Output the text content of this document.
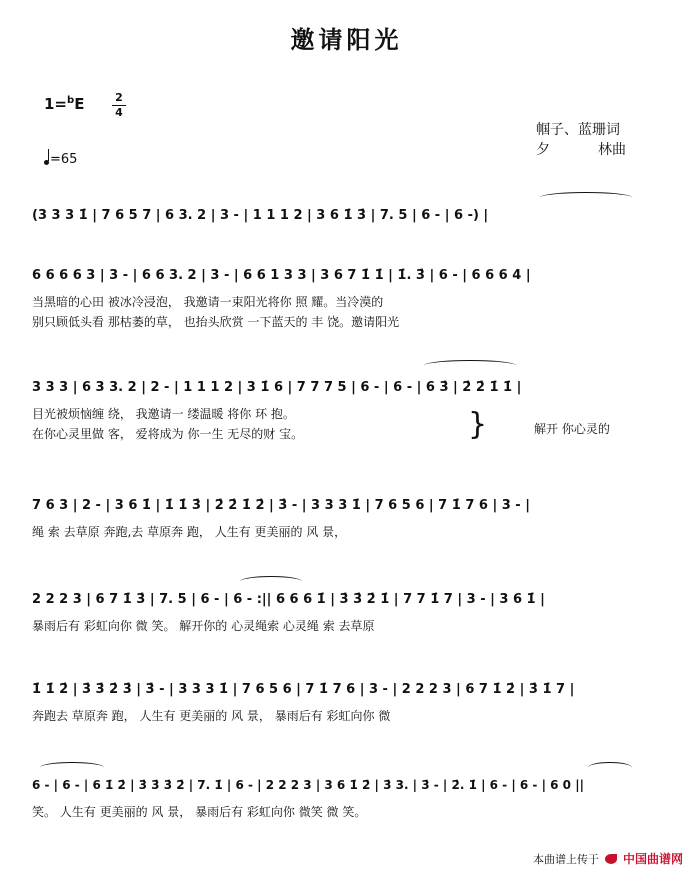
邀请阳光
1=$^b$E	2
4
=65
帼子、蓝珊词
夕	林曲
(3 3 3 1̇ | 7 6 5 7 | 6 3. 2 | 3 - | 1 1 1 2 | 3 6 1̇ 3̇ | 7. 5 | 6 - | 6 -) |
6 6 6 6 3 | 3 - | 6 6 3. 2 | 3 - | 6 6 1 3 3 | 3 6 7 1̇ 1̇ | 1̇. 3̇ | 6 - | 6 6 6 4 |
当黑暗的心田 被冰冷浸泡， 我邀请一束阳光将你 照 耀。当冷漠的
别只顾低头看 那枯萎的草， 也抬头欣赏 一下蓝天的 丰 饶。邀请阳光
3 3 3 | 6 3 3. 2 | 2 - | 1 1 1 2 | 3 1̇ 6 | 7 7 7 5 | 6 - | 6 - | 6 3̇ | 2̇ 2̇ 1̇ 1̇ |
目光被烦恼缠 绕， 我邀请一 缕温暖 将你 环 抱。
在你心灵里做 客， 爱将成为 你一生 无尽的财 宝。	}	解开 你心灵的
7 6 3 | 2 - | 3 6 1̇ | 1̇ 1̇ 3̇ | 2̇ 2̇ 1̇ 2̇ | 3̇ - | 3 3 3 1̇ | 7 6 5 6 | 7 1̇ 7 6 | 3 - |
绳 索 去草原 奔跑,去 草原奔 跑， 人生有 更美丽的 风 景，
2 2 2 3 | 6 7 1̇ 3̇ | 7. 5 | 6 - | 6 - :|| 6 6 6 1̇ | 3̇ 3̇ 2̇ 1̇ | 7 7 1̇ 7 | 3 - | 3 6 1̇ |
暴雨后有 彩虹向你 微 笑。 解开你的 心灵绳索 心灵绳 索 去草原
1̇ 1̇ 2̇ | 3̇ 3̇ 2̇ 3̇ | 3̇ - | 3 3 3 1̇ | 7 6 5 6 | 7 1̇ 7 6 | 3 - | 2 2 2 3 | 6 7 1̇ 2̇ | 3̇ 1̇ 7 |
奔跑去 草原奔 跑， 人生有 更美丽的 风 景， 暴雨后有 彩虹向你 微
6 - | 6 - | 6 1̇ 2̇ | 3̇ 3̇ 3̇ 2̇ | 7. 1̇ | 6 - | 2 2 2 3 | 3 6 1̇ 2̇ | 3̇ 3. | 3̇ - | 2̇. 1̇ | 6 - | 6 - | 6 0 ||
笑。 人生有 更美丽的 风 景， 暴雨后有 彩虹向你 微笑 微 笑。
本曲谱上传于 中国曲谱网
